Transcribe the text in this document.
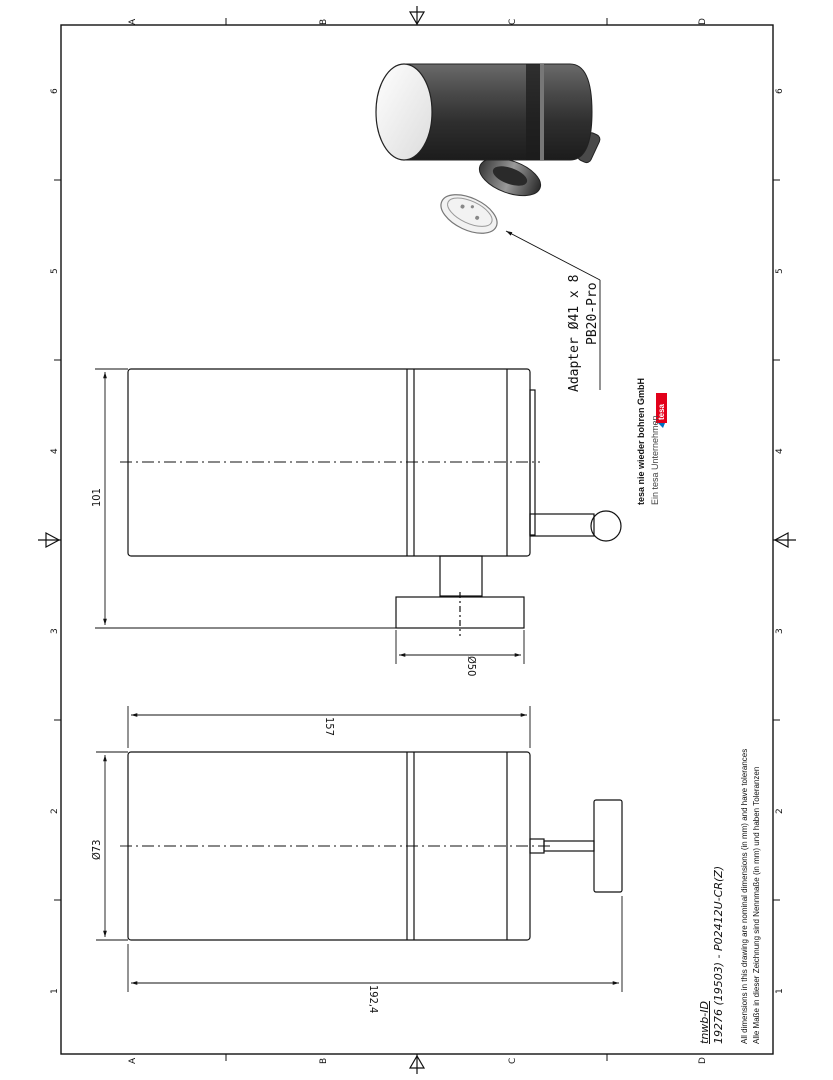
A	B	C	D
A	B	C	D
1
2
3
4
5
6
1
2
3
4
5
6
101
Ø50
157
Ø73
192,4
Adapter Ø41 x 8 PB20-Pro
tesa nie wieder bohren GmbH Ein tesa Unternehmen
tesa
tnwb-ID 19276 (19503) - P02412U-CR(Z) All dimensions in this drawing are nominal dimensions (in mm) and have tolerances Alle Maße in dieser Zeichnung sind Nennmaße (in mm) und haben Toleranzen
